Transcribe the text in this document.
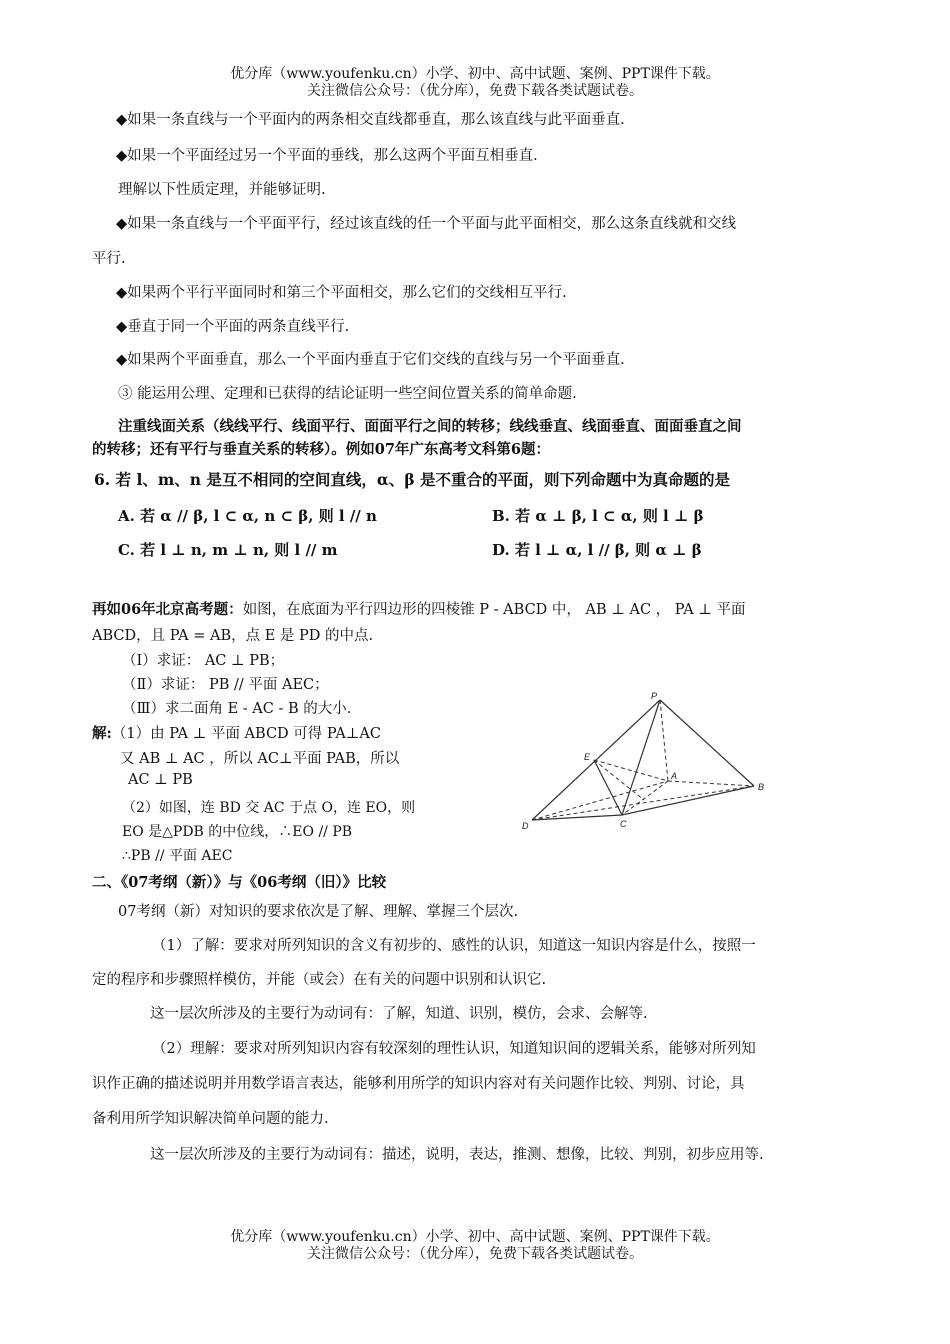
优分库（www.youfenku.cn）小学、初中、高中试题、案例、PPT课件下载。
关注微信公众号：（优分库），免费下载各类试题试卷。
◆如果一条直线与一个平面内的两条相交直线都垂直，那么该直线与此平面垂直.
◆如果一个平面经过另一个平面的垂线，那么这两个平面互相垂直.
理解以下性质定理，并能够证明.
◆如果一条直线与一个平面平行，经过该直线的任一个平面与此平面相交，那么这条直线就和交线
平行.
◆如果两个平行平面同时和第三个平面相交，那么它们的交线相互平行.
◆垂直于同一个平面的两条直线平行.
◆如果两个平面垂直，那么一个平面内垂直于它们交线的直线与另一个平面垂直.
③ 能运用公理、定理和已获得的结论证明一些空间位置关系的简单命题.
注重线面关系（线线平行、线面平行、面面平行之间的转移；线线垂直、线面垂直、面面垂直之间
的转移；还有平行与垂直关系的转移）。例如07年广东高考文科第6题：
6. 若 l、m、n 是互不相同的空间直线，α、β 是不重合的平面，则下列命题中为真命题的是
A. 若 α // β, l ⊂ α, n ⊂ β, 则 l // n	B. 若 α ⊥ β, l ⊂ α, 则 l ⊥ β
C. 若 l ⊥ n, m ⊥ n, 则 l // m	D. 若 l ⊥ α, l // β, 则 α ⊥ β
再如06年北京高考题：如图，在底面为平行四边形的四棱锥 P - ABCD 中， AB ⊥ AC ， PA ⊥ 平面
ABCD，且 PA = AB，点 E 是 PD 的中点.
（Ⅰ）求证： AC ⊥ PB；
（Ⅱ）求证： PB // 平面 AEC；
（Ⅲ）求二面角 E - AC - B 的大小.
解:（1）由 PA ⊥ 平面 ABCD 可得 PA⊥AC
又 AB ⊥ AC ，所以 AC⊥平面 PAB，所以
AC ⊥ PB
（2）如图，连 BD 交 AC 于点 O，连 EO，则
EO 是△PDB 的中位线，∴EO // PB
∴PB // 平面 AEC
P
E
A
B
D	C
二、《07考纲（新）》与《06考纲（旧）》比较
07考纲（新）对知识的要求依次是了解、理解、掌握三个层次.
（1）了解：要求对所列知识的含义有初步的、感性的认识，知道这一知识内容是什么，按照一
定的程序和步骤照样模仿，并能（或会）在有关的问题中识别和认识它.
这一层次所涉及的主要行为动词有：了解，知道、识别，模仿，会求、会解等.
（2）理解：要求对所列知识内容有较深刻的理性认识，知道知识间的逻辑关系，能够对所列知
识作正确的描述说明并用数学语言表达，能够利用所学的知识内容对有关问题作比较、判别、讨论，具
备利用所学知识解决简单问题的能力.
这一层次所涉及的主要行为动词有：描述，说明，表达，推测、想像，比较、判别，初步应用等.
优分库（www.youfenku.cn）小学、初中、高中试题、案例、PPT课件下载。
关注微信公众号：（优分库），免费下载各类试题试卷。
